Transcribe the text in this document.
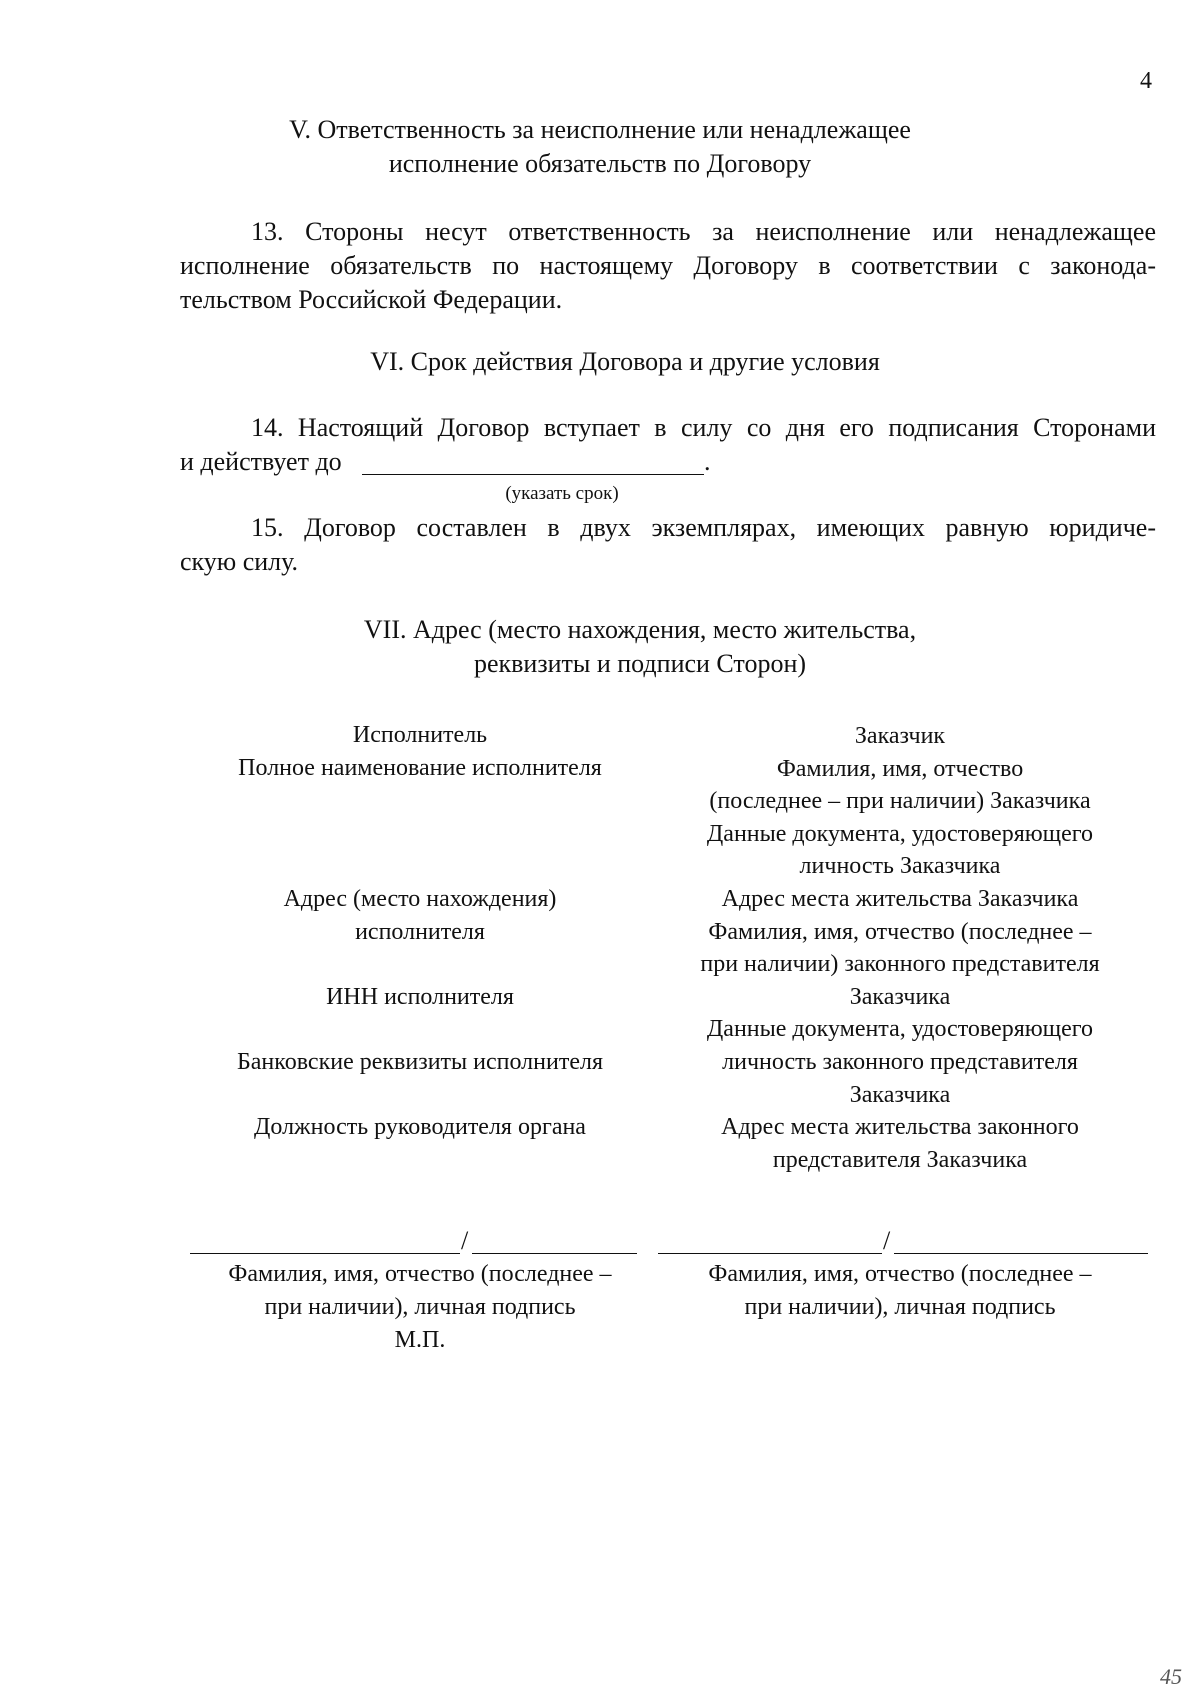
4
V. Ответственность за неисполнение или ненадлежащее
исполнение обязательств по Договору
13. Стороны несут ответственность за неисполнение или ненадлежащее
исполнение обязательств по настоящему Договору в соответствии с законода-
тельством Российской Федерации.
VI. Срок действия Договора и другие условия
14. Настоящий Договор вступает в силу со дня его подписания Сторонами
и действует до	.
(указать срок)
15. Договор составлен в двух экземплярах, имеющих равную юридиче-
скую силу.
VII. Адрес (место нахождения, место жительства,
реквизиты и подписи Сторон)
Исполнитель
Полное наименование исполнителя
Адрес (место нахождения)
исполнителя
ИНН исполнителя
Банковские реквизиты исполнителя
Должность руководителя органа
Заказчик
Фамилия, имя, отчество
(последнее – при наличии) Заказчика
Данные документа, удостоверяющего
личность Заказчика
Адрес места жительства Заказчика
Фамилия, имя, отчество (последнее –
при наличии) законного представителя
Заказчика
Данные документа, удостоверяющего
личность законного представителя
Заказчика
Адрес места жительства законного
представителя Заказчика
/	/
Фамилия, имя, отчество (последнее –
при наличии), личная подпись
М.П.
Фамилия, имя, отчество (последнее –
при наличии), личная подпись
45
